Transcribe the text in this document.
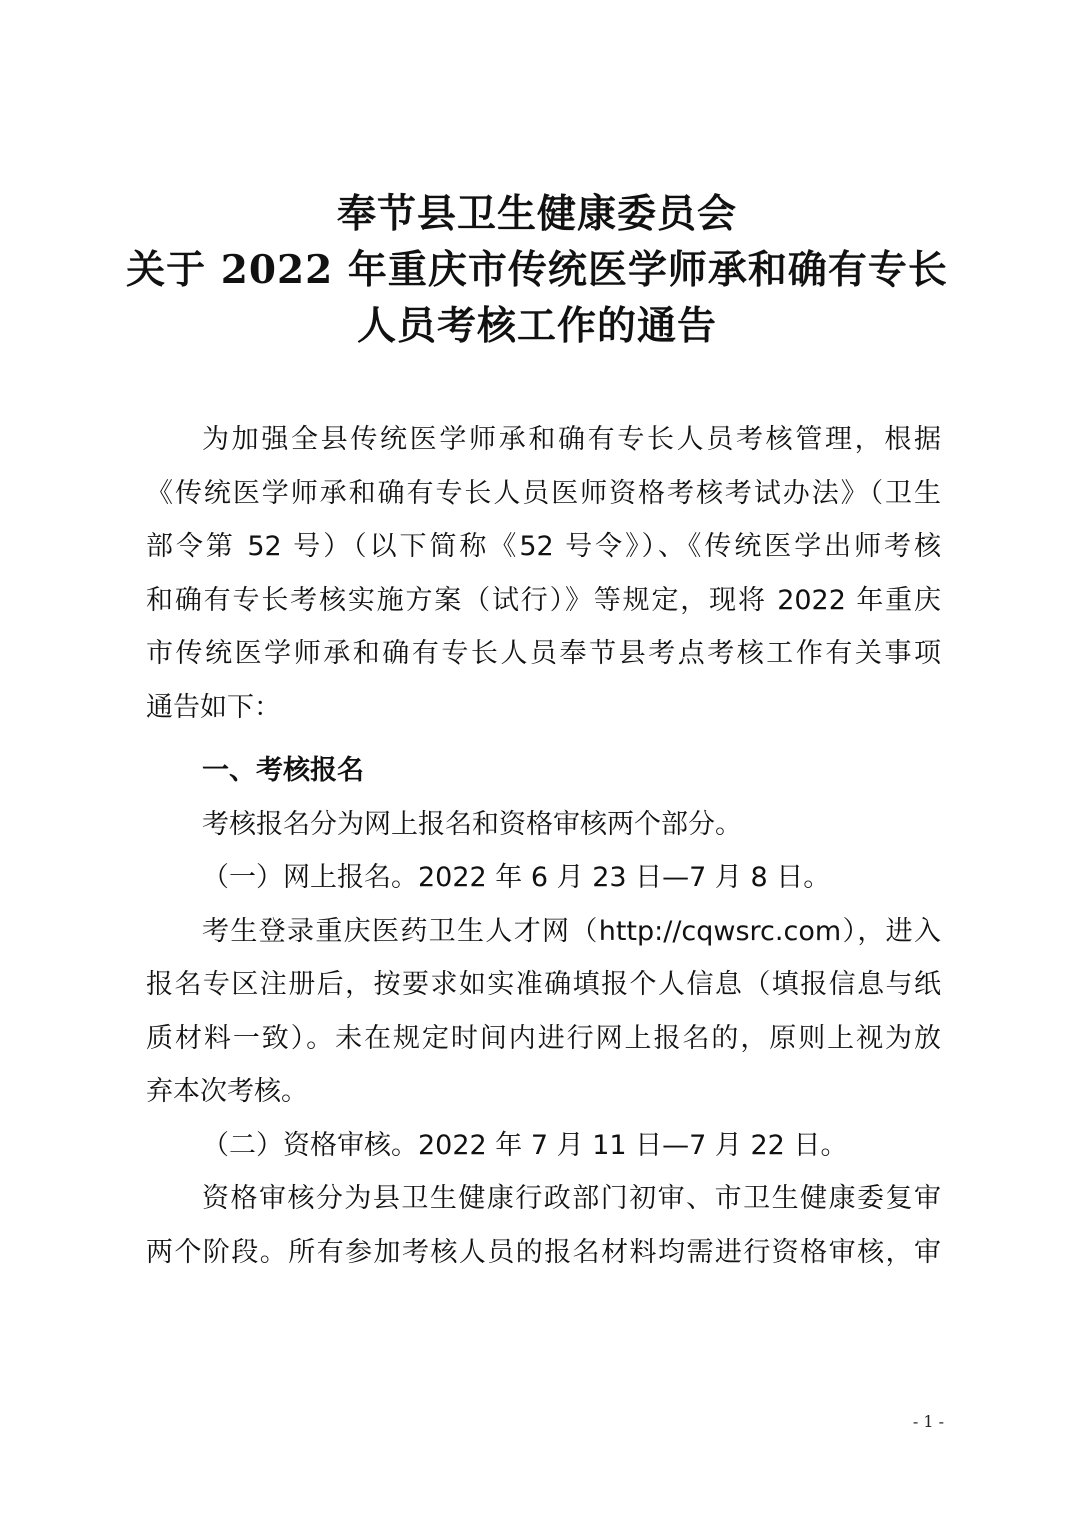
奉节县卫生健康委员会
关于 2022 年重庆市传统医学师承和确有专长
人员考核工作的通告
为加强全县传统医学师承和确有专长人员考核管理，根据
《传统医学师承和确有专长人员医师资格考核考试办法》（卫生
部令第 52 号）（以下简称《52 号令》）、《传统医学出师考核
和确有专长考核实施方案（试行）》等规定，现将 2022 年重庆
市传统医学师承和确有专长人员奉节县考点考核工作有关事项
通告如下：
一、考核报名
考核报名分为网上报名和资格审核两个部分。
（一）网上报名。2022 年 6 月 23 日—7 月 8 日。
考生登录重庆医药卫生人才网（http://cqwsrc.com），进入
报名专区注册后，按要求如实准确填报个人信息（填报信息与纸
质材料一致）。未在规定时间内进行网上报名的，原则上视为放
弃本次考核。
（二）资格审核。2022 年 7 月 11 日—7 月 22 日。
资格审核分为县卫生健康行政部门初审、市卫生健康委复审
两个阶段。所有参加考核人员的报名材料均需进行资格审核，审
- 1 -
